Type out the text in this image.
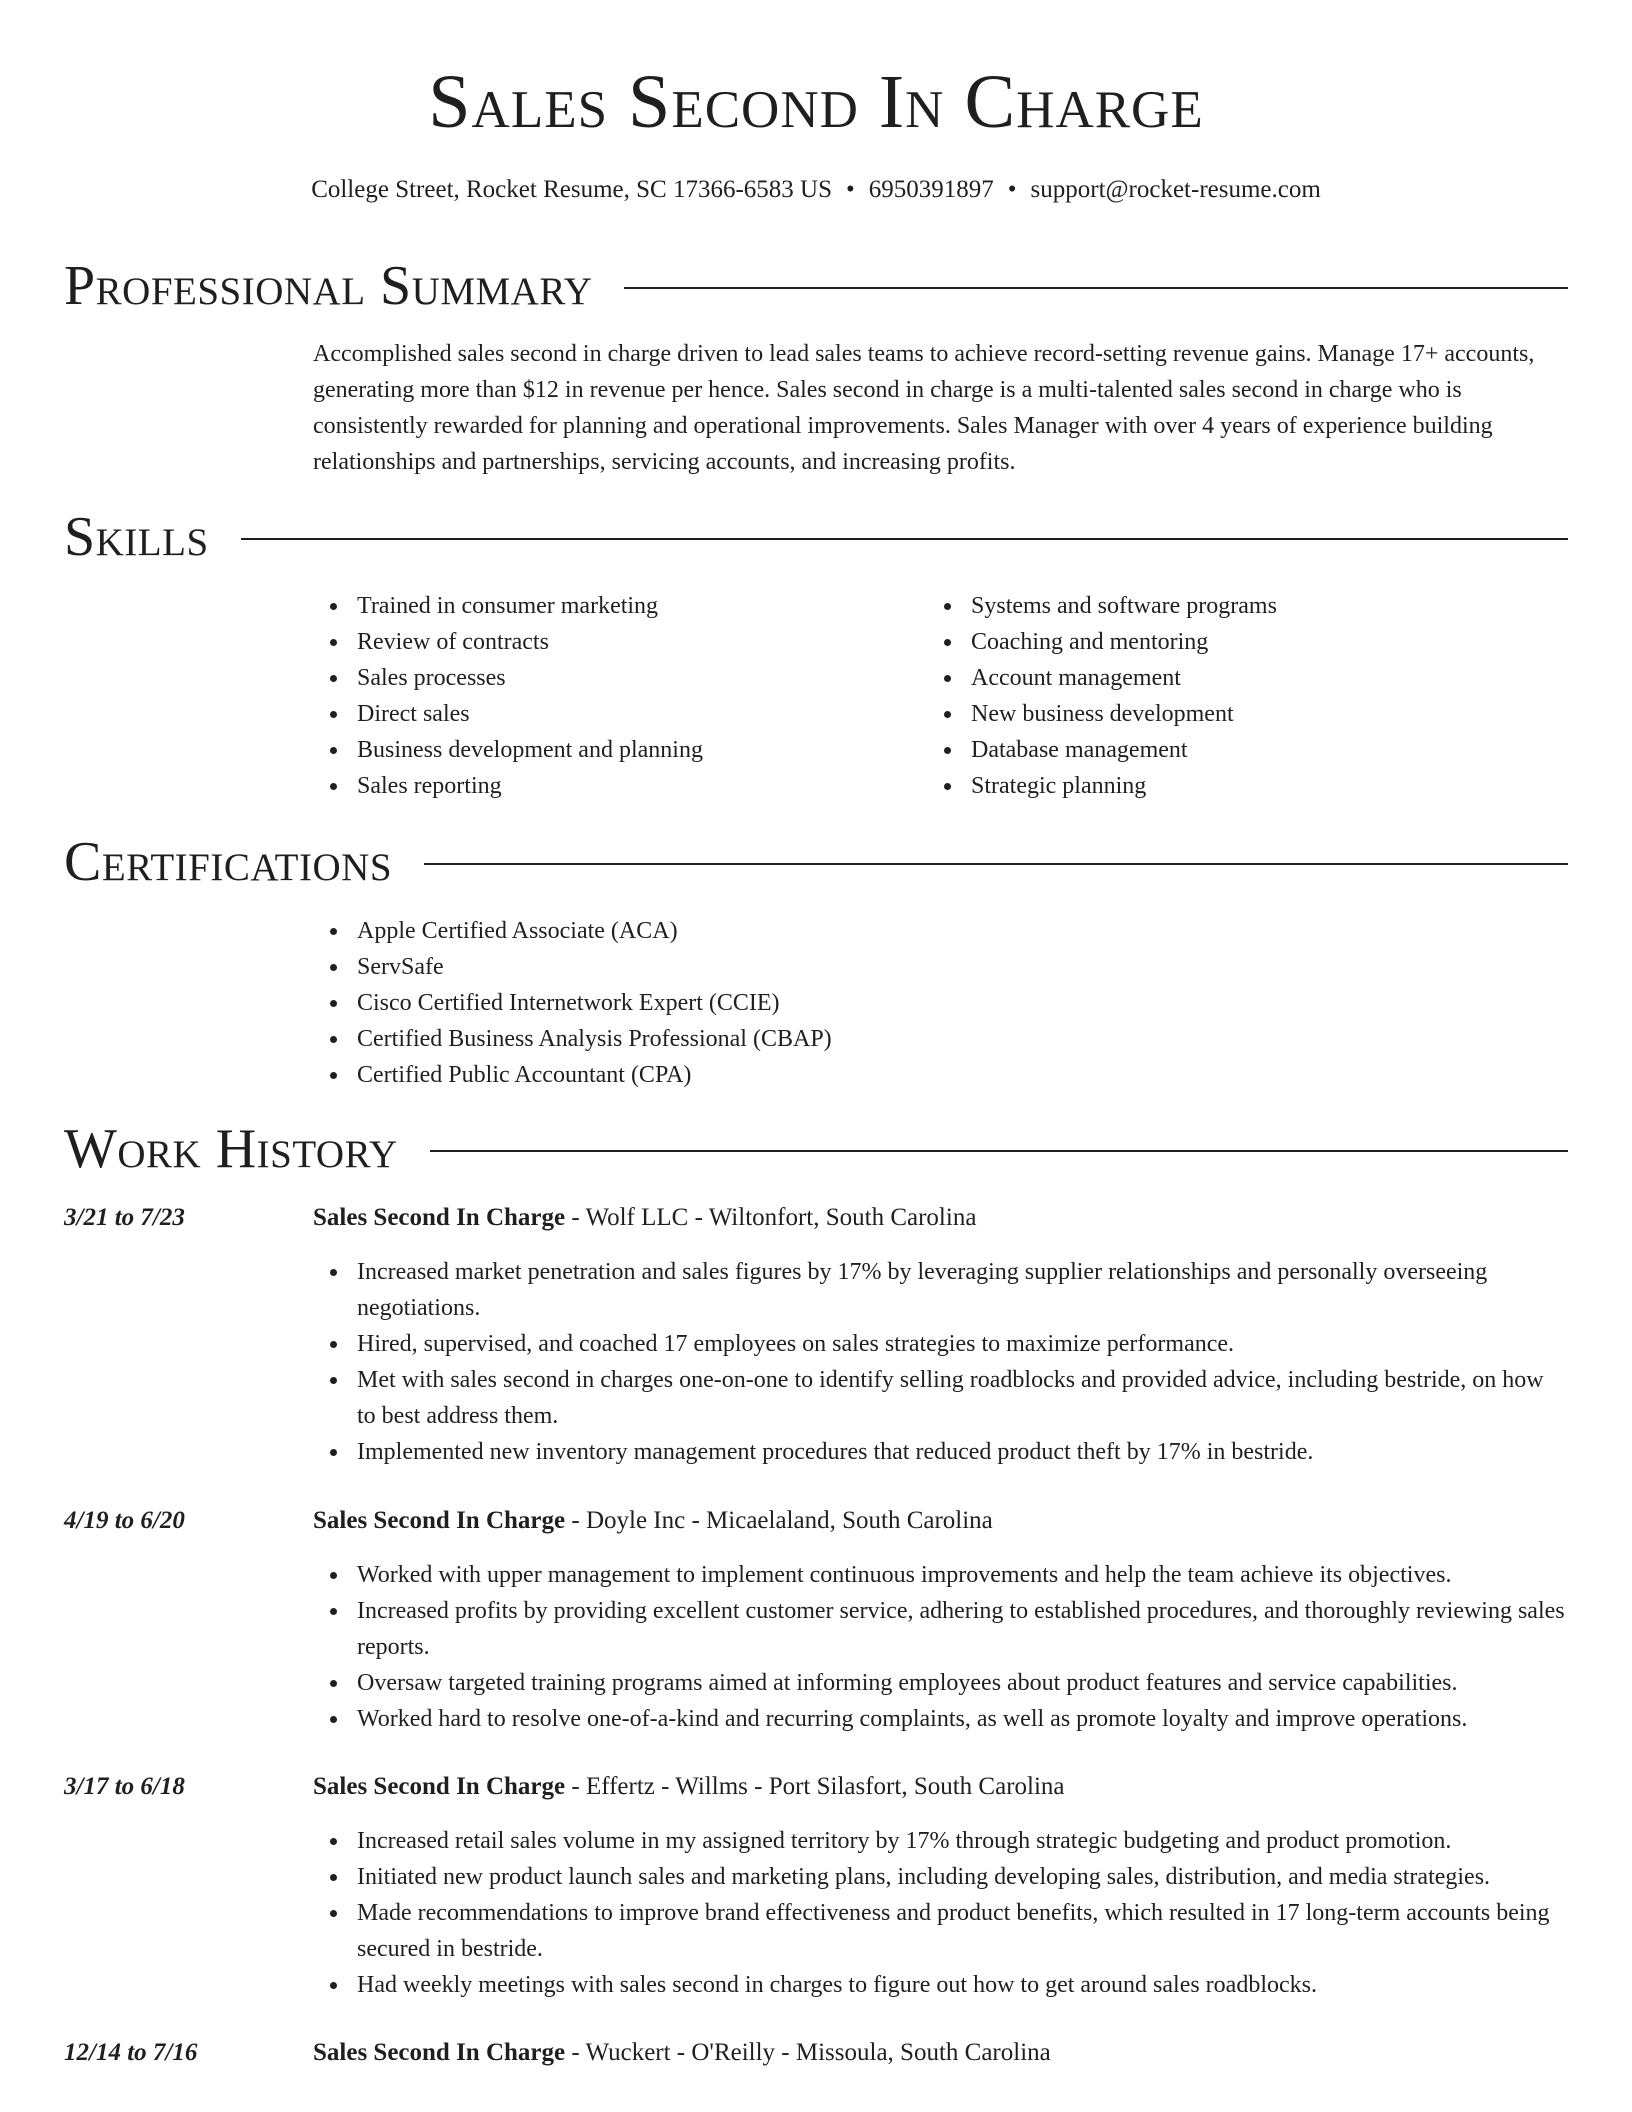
Sales Second In Charge
College Street, Rocket Resume, SC 17366-6583 US • 6950391897 • support@rocket-resume.com
Professional Summary

Accomplished sales second in charge driven to lead sales teams to achieve record-setting revenue gains. Manage 17+ accounts, generating more than $12 in revenue per hence. Sales second in charge is a multi-talented sales second in charge who is consistently rewarded for planning and operational improvements. Sales Manager with over 4 years of experience building relationships and partnerships, servicing accounts, and increasing profits.

Skills
Trained in consumer marketing
Review of contracts
Sales processes
Direct sales
Business development and planning
Sales reporting
Systems and software programs
Coaching and mentoring
Account management
New business development
Database management
Strategic planning
Certifications
Apple Certified Associate (ACA)
ServSafe
Cisco Certified Internetwork Expert (CCIE)
Certified Business Analysis Professional (CBAP)
Certified Public Accountant (CPA)
Work History
3/21 to 7/23	Sales Second In Charge - Wolf LLC - Wiltonfort, South Carolina
Increased market penetration and sales figures by 17% by leveraging supplier relationships and personally overseeing negotiations.
Hired, supervised, and coached 17 employees on sales strategies to maximize performance.
Met with sales second in charges one-on-one to identify selling roadblocks and provided advice, including bestride, on how to best address them.
Implemented new inventory management procedures that reduced product theft by 17% in bestride.
4/19 to 6/20	Sales Second In Charge - Doyle Inc - Micaelaland, South Carolina
Worked with upper management to implement continuous improvements and help the team achieve its objectives.
Increased profits by providing excellent customer service, adhering to established procedures, and thoroughly reviewing sales reports.
Oversaw targeted training programs aimed at informing employees about product features and service capabilities.
Worked hard to resolve one-of-a-kind and recurring complaints, as well as promote loyalty and improve operations.
3/17 to 6/18	Sales Second In Charge - Effertz - Willms - Port Silasfort, South Carolina
Increased retail sales volume in my assigned territory by 17% through strategic budgeting and product promotion.
Initiated new product launch sales and marketing plans, including developing sales, distribution, and media strategies.
Made recommendations to improve brand effectiveness and product benefits, which resulted in 17 long-term accounts being secured in bestride.
Had weekly meetings with sales second in charges to figure out how to get around sales roadblocks.
12/14 to 7/16	Sales Second In Charge - Wuckert - O'Reilly - Missoula, South Carolina
